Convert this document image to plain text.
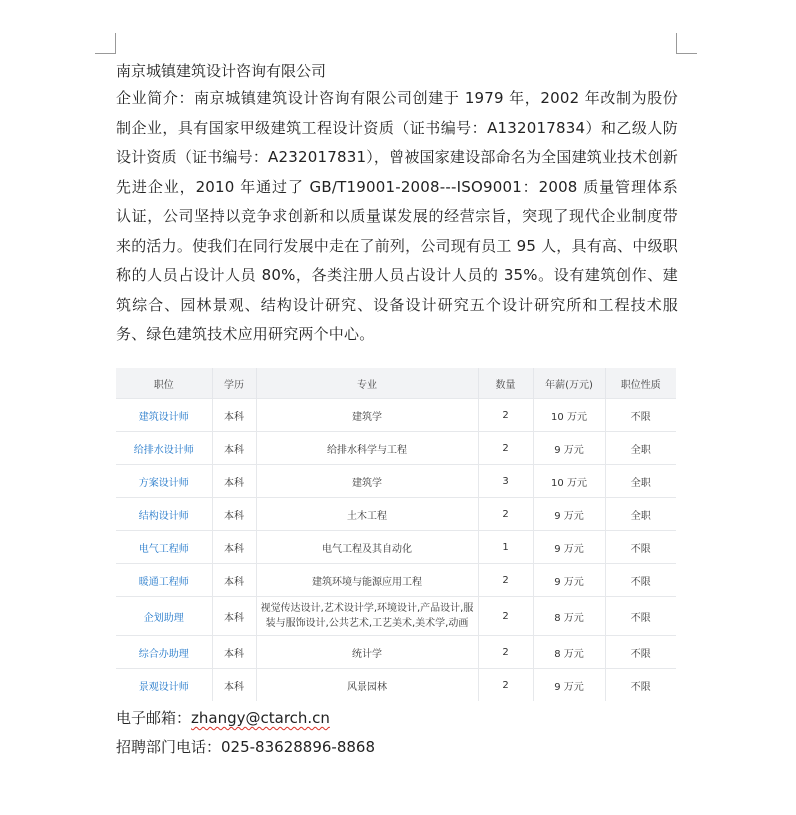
南京城镇建筑设计咨询有限公司

企业简介：南京城镇建筑设计咨询有限公司创建于 1979 年，2002 年改制为股份制企业，具有国家甲级建筑工程设计资质（证书编号：A132017834）和乙级人防设计资质（证书编号：A232017831），曾被国家建设部命名为全国建筑业技术创新先进企业，2010 年通过了 GB/T19001-2008---ISO9001：2008 质量管理体系认证，公司坚持以竞争求创新和以质量谋发展的经营宗旨，突现了现代企业制度带来的活力。使我们在同行发展中走在了前列，公司现有员工 95 人，具有高、中级职称的人员占设计人员 80%，各类注册人员占设计人员的 35%。设有建筑创作、建筑综合、园林景观、结构设计研究、设备设计研究五个设计研究所和工程技术服务、绿色建筑技术应用研究两个中心。

职位	学历	专业	数量	年薪(万元)	职位性质
建筑设计师	本科	建筑学	2	10 万元	不限
给排水设计师	本科	给排水科学与工程	2	9 万元	全职
方案设计师	本科	建筑学	3	10 万元	全职
结构设计师	本科	土木工程	2	9 万元	全职
电气工程师	本科	电气工程及其自动化	1	9 万元	不限
暖通工程师	本科	建筑环境与能源应用工程	2	9 万元	不限
企划助理	本科	视觉传达设计,艺术设计学,环境设计,产品设计,服装与服饰设计,公共艺术,工艺美术,美术学,动画	2	8 万元	不限
综合办助理	本科	统计学	2	8 万元	不限
景观设计师	本科	风景园林	2	9 万元	不限
电子邮箱：zhangy@ctarch.cn
招聘部门电话：025-83628896-8868
